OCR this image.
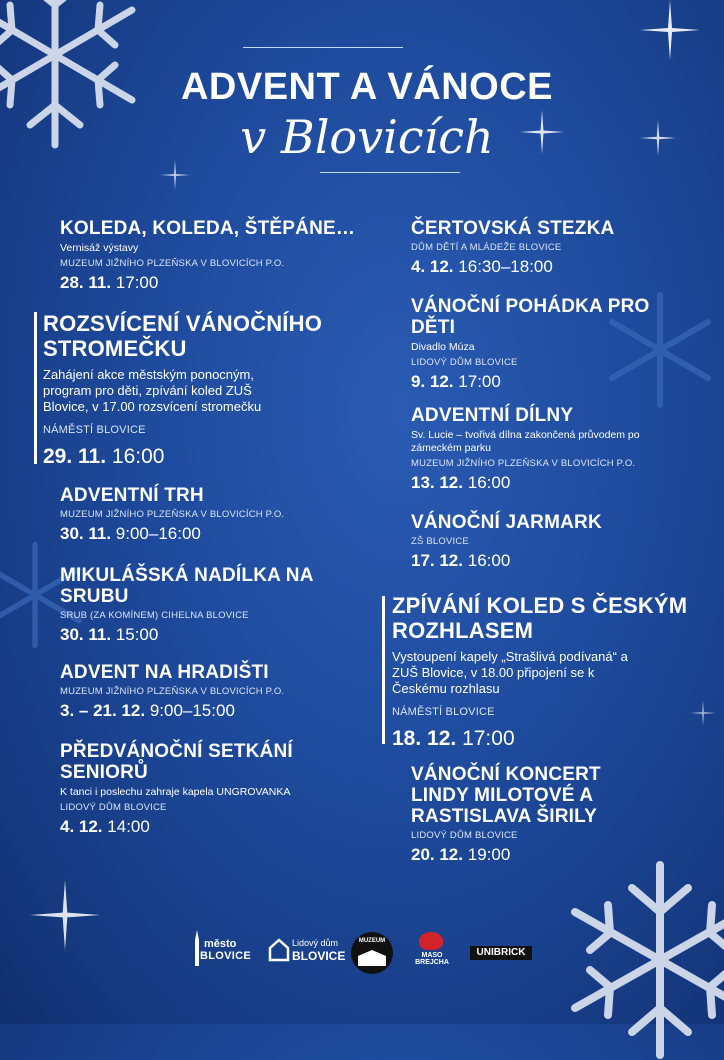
ADVENT A VÁNOCE
v Blovicích
KOLEDA, KOLEDA, ŠTĚPÁNE…
Vernisáž výstavy
MUZEUM JIŽNÍHO PLZEŇSKA V BLOVICÍCH P.O.
28. 11. 17:00
ROZSVÍCENÍ VÁNOČNÍHO STROMEČKU
Zahájení akce městským ponocným, program pro děti, zpívání koled ZUŠ Blovice, v 17.00 rozsvícení stromečku
NÁMĚSTÍ BLOVICE
29. 11. 16:00
ADVENTNÍ TRH
MUZEUM JIŽNÍHO PLZEŇSKA V BLOVICÍCH P.O.
30. 11. 9:00–16:00
MIKULÁŠSKÁ NADÍLKA NA SRUBU
SRUB (ZA KOMÍNEM) CIHELNA BLOVICE
30. 11. 15:00
ADVENT NA HRADIŠTI
MUZEUM JIŽNÍHO PLZEŇSKA V BLOVICÍCH P.O.
3. – 21. 12. 9:00–15:00
PŘEDVÁNOČNÍ SETKÁNÍ SENIORŮ
K tanci i poslechu zahraje kapela UNGROVANKA
LIDOVÝ DŮM BLOVICE
4. 12. 14:00
ČERTOVSKÁ STEZKA
DŮM DĚTÍ A MLÁDEŽE BLOVICE
4. 12. 16:30–18:00
VÁNOČNÍ POHÁDKA PRO DĚTI
Divadlo Múza
LIDOVÝ DŮM BLOVICE
9. 12. 17:00
ADVENTNÍ DÍLNY
Sv. Lucie – tvořivá dílna zakončená průvodem po zámeckém parku
MUZEUM JIŽNÍHO PLZEŇSKA V BLOVICÍCH P.O.
13. 12. 16:00
VÁNOČNÍ JARMARK
ZŠ BLOVICE
17. 12. 16:00
ZPÍVÁNÍ KOLED S ČESKÝM ROZHLASEM
Vystoupení kapely „Strašlivá podívaná“ a ZUŠ Blovice, v 18.00 připojení se k Českému rozhlasu
NÁMĚSTÍ BLOVICE
18. 12. 17:00
VÁNOČNÍ KONCERT LINDY MILOTOVÉ A RASTISLAVA ŠIRILY
LIDOVÝ DŮM BLOVICE
20. 12. 19:00
město
BLOVICE
Lidový dům
BLOVICE
MUZEUM
MASO BREJCHA
UNIBRICK
